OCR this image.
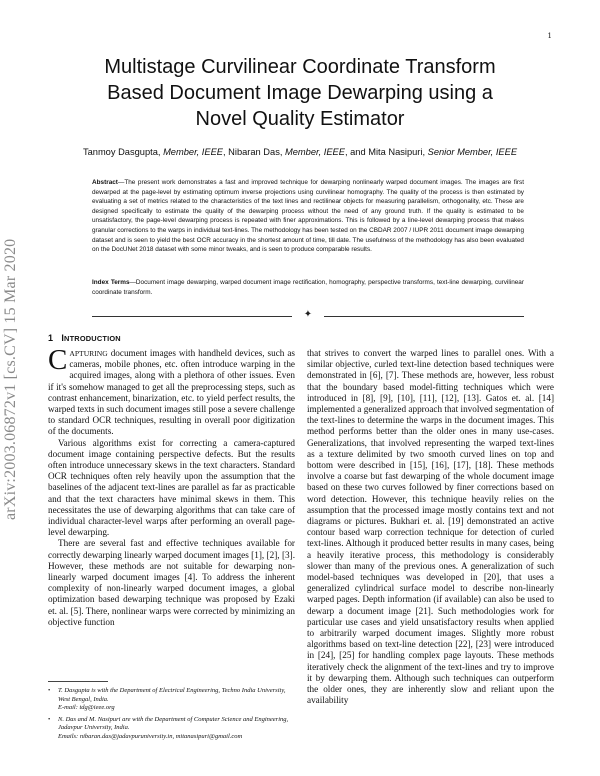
1
arXiv:2003.06872v1 [cs.CV] 15 Mar 2020
Multistage Curvilinear Coordinate Transform
Based Document Image Dewarping using a
Novel Quality Estimator
Tanmoy Dasgupta, Member, IEEE, Nibaran Das, Member, IEEE, and Mita Nasipuri, Senior Member, IEEE

Abstract—The present work demonstrates a fast and improved technique for dewarping nonlinearly warped document images. The images are first dewarped at the page-level by estimating optimum inverse projections using curvilinear homography. The quality of the process is then estimated by evaluating a set of metrics related to the characteristics of the text lines and rectilinear objects for measuring parallelism, orthogonality, etc. These are designed specifically to estimate the quality of the dewarping process without the need of any ground truth. If the quality is estimated to be unsatisfactory, the page-level dewarping process is repeated with finer approximations. This is followed by a line-level dewarping process that makes granular corrections to the warps in individual text-lines. The methodology has been tested on the CBDAR 2007 / IUPR 2011 document image dewarping dataset and is seen to yield the best OCR accuracy in the shortest amount of time, till date. The usefulness of the methodology has also been evaluated on the DocUNet 2018 dataset with some minor tweaks, and is seen to produce comparable results.

Index Terms—Document image dewarping, warped document image rectification, homography, perspective transforms, text-line dewarping, curvilinear coordinate transform.

✦
1 INTRODUCTION

CAPTURING document images with handheld devices, such as cameras, mobile phones, etc. often introduce warping in the acquired images, along with a plethora of other issues. Even if it's somehow managed to get all the preprocessing steps, such as contrast enhancement, binarization, etc. to yield perfect results, the warped texts in such document images still pose a severe challenge to standard OCR techniques, resulting in overall poor digitization of the documents.

Various algorithms exist for correcting a camera-captured document image containing perspective defects. But the results often introduce unnecessary skews in the text characters. Standard OCR techniques often rely heavily upon the assumption that the baselines of the adjacent text-lines are parallel as far as practicable and that the text characters have minimal skews in them. This necessitates the use of dewarping algorithms that can take care of individual character-level warps after performing an overall page-level dewarping.

There are several fast and effective techniques available for correctly dewarping linearly warped document images [1], [2], [3]. However, these methods are not suitable for dewarping non-linearly warped document images [4]. To address the inherent complexity of non-linearly warped document images, a global optimization based dewarping technique was proposed by Ezaki et. al. [5]. There, nonlinear warps were corrected by minimizing an objective function

that strives to convert the warped lines to parallel ones. With a similar objective, curled text-line detection based techniques were demonstrated in [6], [7]. These methods are, however, less robust that the boundary based model-fitting techniques which were introduced in [8], [9], [10], [11], [12], [13]. Gatos et. al. [14] implemented a generalized approach that involved segmentation of the text-lines to determine the warps in the document images. This method performs better than the older ones in many use-cases. Generalizations, that involved representing the warped text-lines as a texture delimited by two smooth curved lines on top and bottom were described in [15], [16], [17], [18]. These methods involve a coarse but fast dewarping of the whole document image based on these two curves followed by finer corrections based on word detection. However, this technique heavily relies on the assumption that the processed image mostly contains text and not diagrams or pictures. Bukhari et. al. [19] demonstrated an active contour based warp correction technique for detection of curled text-lines. Although it produced better results in many cases, being a heavily iterative process, this methodology is considerably slower than many of the previous ones. A generalization of such model-based techniques was developed in [20], that uses a generalized cylindrical surface model to describe non-linearly warped pages. Depth information (if available) can also be used to dewarp a document image [21]. Such methodologies work for particular use cases and yield unsatisfactory results when applied to arbitrarily warped document images. Slightly more robust algorithms based on text-line detection [22], [23] were introduced in [24], [25] for handling complex page layouts. These methods iteratively check the alignment of the text-lines and try to improve it by dewarping them. Although such techniques can outperform the older ones, they are inherently slow and reliant upon the availability

•	T. Dasgupta is with the Department of Electrical Engineering, Techno India University, West Bengal, India.
E-mail: tdg@ieee.org
•	N. Das and M. Nasipuri are with the Department of Computer Science and Engineering, Jadavpur University, India.
Emails: nibaran.das@jadavpuruniversity.in, mitanasipuri@gmail.com
